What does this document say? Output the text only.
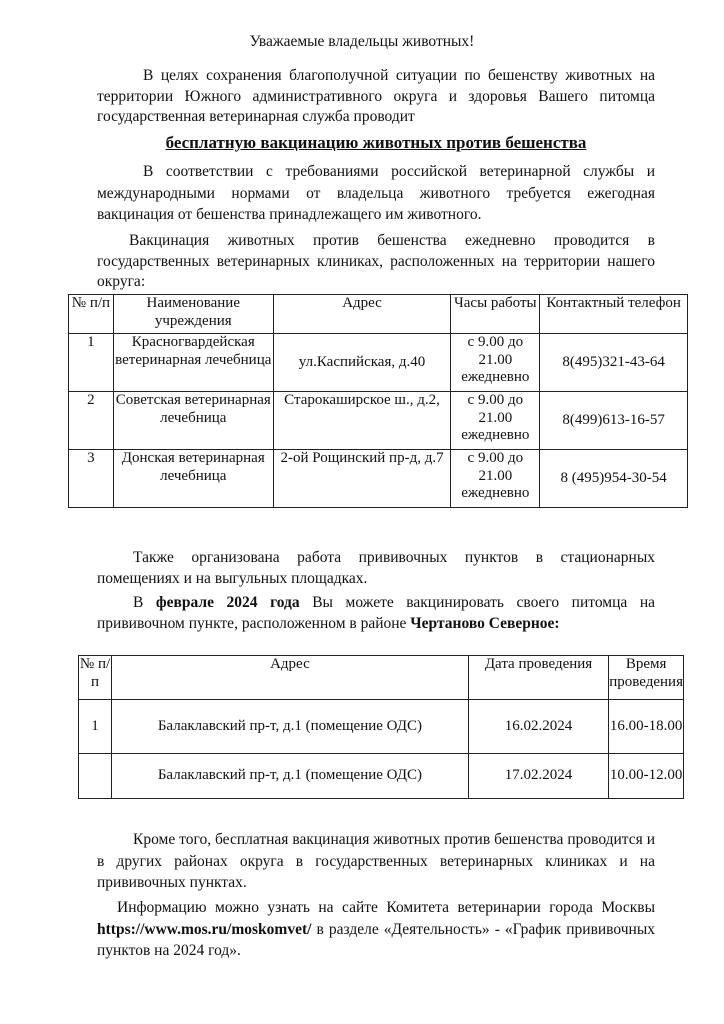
Уважаемые владельцы животных!

В целях сохранения благополучной ситуации по бешенству животных на территории Южного административного округа и здоровья Вашего питомца государственная ветеринарная служба проводит

бесплатную вакцинацию животных против бешенства

В соответствии с требованиями российской ветеринарной службы и международными нормами от владельца животного требуется ежегодная вакцинация от бешенства принадлежащего им животного.

Вакцинация животных против бешенства ежедневно проводится в государственных ветеринарных клиниках, расположенных на территории нашего округа:

№ п/п	Наименование учреждения	Адрес	Часы работы	Контактный телефон
1	Красногвардейская ветеринарная лечебница	ул.Каспийская, д.40	с 9.00 до 21.00 ежедневно	8(495)321-43-64
2	Советская ветеринарная лечебница	Старокаширское ш., д.2,	с 9.00 до 21.00 ежедневно	8(499)613-16-57
3	Донская ветеринарная лечебница	2-ой Рощинский пр-д, д.7	с 9.00 до 21.00 ежедневно	8 (495)954-30-54

Также организована работа прививочных пунктов в стационарных помещениях и на выгульных площадках.

В феврале 2024 года Вы можете вакцинировать своего питомца на прививочном пункте, расположенном в районе Чертаново Северное:

№ п/п	Адрес	Дата проведения	Время проведения
1	Балаклавский пр-т, д.1 (помещение ОДС)	16.02.2024	16.00-18.00
	Балаклавский пр-т, д.1 (помещение ОДС)	17.02.2024	10.00-12.00

Кроме того, бесплатная вакцинация животных против бешенства проводится и в других районах округа в государственных ветеринарных клиниках и на прививочных пунктах.

Информацию можно узнать на сайте Комитета ветеринарии города Москвы https://www.mos.ru/moskomvet/ в разделе «Деятельность» - «График прививочных пунктов на 2024 год».
